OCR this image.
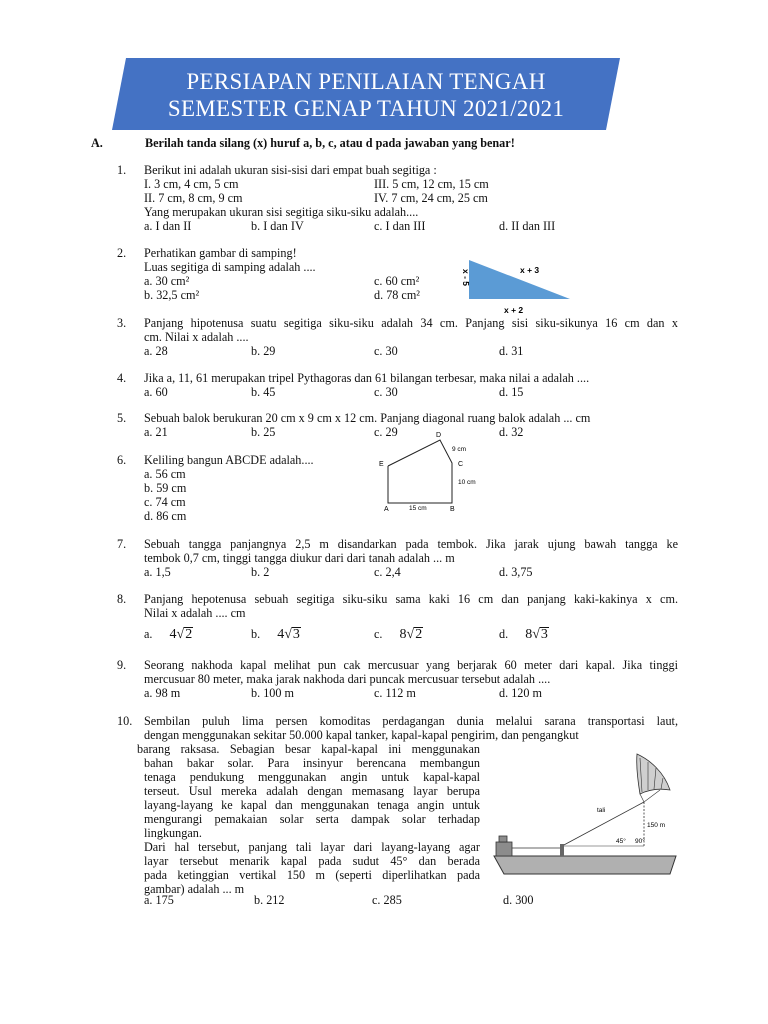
PERSIAPAN PENILAIAN TENGAH
SEMESTER GENAP TAHUN 2021/2021
A.	Berilah tanda silang (x) huruf a, b, c, atau d pada jawaban yang benar!
1. Berikut ini adalah ukuran sisi-sisi dari empat buah segitiga :
I. 3 cm, 4 cm, 5 cm	III. 5 cm, 12 cm, 15 cm
II. 7 cm, 8 cm, 9 cm	IV. 7 cm, 24 cm, 25 cm
Yang merupakan ukuran sisi segitiga siku-siku adalah....
a. I dan II	b. I dan IV	c. I dan III	d. II dan III
2. Perhatikan gambar di samping!
Luas segitiga di samping adalah ....
a. 30 cm²	c. 60 cm²
b. 32,5 cm²	d. 78 cm²
x + 3
x - 5
x + 2
3. Panjang hipotenusa suatu segitiga siku-siku adalah 34 cm. Panjang sisi siku-sikunya 16 cm dan x
cm. Nilai x adalah ....
a. 28	b. 29	c. 30	d. 31
4. Jika a, 11, 61 merupakan tripel Pythagoras dan 61 bilangan terbesar, maka nilai a adalah ....
a. 60	b. 45	c. 30	d. 15
5. Sebuah balok berukuran 20 cm x 9 cm x 12 cm. Panjang diagonal ruang balok adalah ... cm
a. 21	b. 25	c. 29	d. 32
6. Keliling bangun ABCDE adalah....
a. 56 cm
b. 59 cm
c. 74 cm
d. 86 cm
D
E	C
A	B
9 cm
10 cm
15 cm
7. Sebuah tangga panjangnya 2,5 m disandarkan pada tembok. Jika jarak ujung bawah tangga ke
tembok 0,7 cm, tinggi tangga diukur dari dari tanah adalah ... m
a. 1,5	b. 2	c. 2,4	d. 3,75
8. Panjang hepotenusa sebuah segitiga siku-siku sama kaki 16 cm dan panjang kaki-kakinya x cm.
Nilai x adalah .... cm
a. 4√2	b. 4√3	c. 8√2	d. 8√3
9. Seorang nakhoda kapal melihat pun cak mercusuar yang berjarak 60 meter dari kapal. Jika tinggi
mercusuar 80 meter, maka jarak nakhoda dari puncak mercusuar tersebut adalah ....
a. 98 m	b. 100 m	c. 112 m	d. 120 m
10. Sembilan puluh lima persen komoditas perdagangan dunia melalui sarana transportasi laut,
dengan menggunakan sekitar 50.000 kapal tanker, kapal-kapal pengirim, dan pengangkut
barang raksasa. Sebagian besar kapal-kapal ini menggunakan
bahan bakar solar. Para insinyur berencana membangun
tenaga pendukung menggunakan angin untuk kapal-kapal
terseut. Usul mereka adalah dengan memasang layar berupa
layang-layang ke kapal dan menggunakan tenaga angin untuk
mengurangi pemakaian solar serta dampak solar terhadap
lingkungan.
Dari hal tersebut, panjang tali layar dari layang-layang agar
layar tersebut menarik kapal pada sudut 45° dan berada
pada ketinggian vertikal 150 m (seperti diperlihatkan pada
gambar) adalah ... m
a. 175	b. 212	c. 285	d. 300
tali
150 m
45° 90°
